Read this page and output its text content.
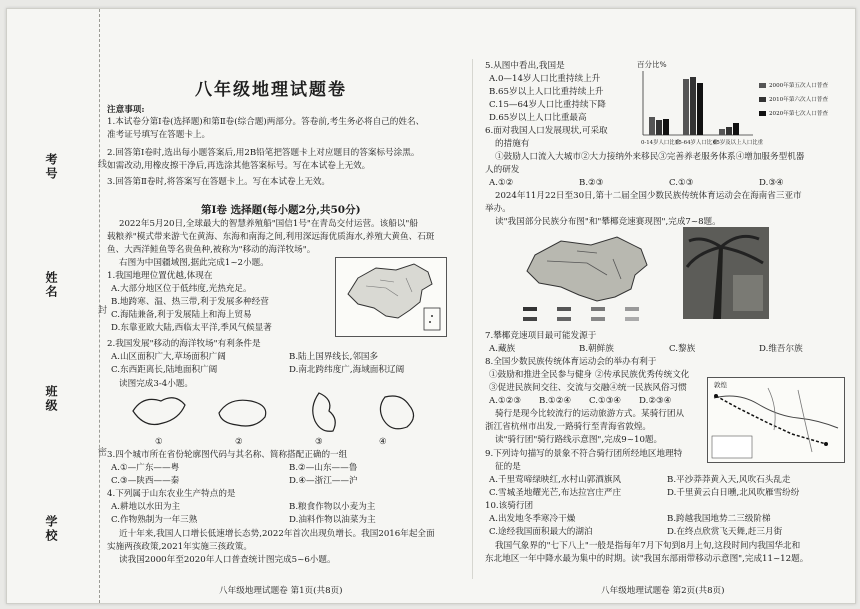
考号
姓名
班级
学校
线
封
密
八年级地理试题卷
注意事项:
1.本试卷分第Ⅰ卷(选择题)和第Ⅱ卷(综合题)两部分。答卷前,考生务必将自己的姓名、
准考证号填写在答题卡上。
2.回答第Ⅰ卷时,选出每小题答案后,用2B铅笔把答题卡上对应题目的答案标号涂黑。
如需改动,用橡皮擦干净后,再选涂其他答案标号。写在本试卷上无效。
3.回答第Ⅱ卷时,将答案写在答题卡上。写在本试卷上无效。
第Ⅰ卷 选择题(每小题2分,共50分)
2022年5月20日,全球最大的智慧养殖船"国信1号"在青岛交付运营。该船以"船
载粮养"模式带来游弋在黄海、东海和南海之间,利用深远海优质海水,养殖大黄鱼、石斑
鱼、大西洋鲑鱼等名贵鱼种,被称为"移动的海洋牧场"。
右图为中国疆域图,据此完成1~2小题。
1.我国地理位置优越,体现在
A.大部分地区位于低纬度,光热充足。
B.地跨寒、温、热三带,利于发展多种经营
C.海陆兼备,利于发展陆上和海上贸易
D.东靠亚欧大陆,西临太平洋,季风气候显著
2.我国发展"移动的海洋牧场"有利条件是
A.山区面积广大,草场面积广阔	B.陆上国界线长,邻国多
C.东西距离长,陆地面积广阔	D.南北跨纬度广,海域面积辽阔
读图完成3-4小题。
①	②	③	④
3.四个城市所在省份轮廓图代码与其名称、简称搭配正确的一组
A.①—广东——粤	B.②—山东——鲁
C.③—陕西——秦	D.④—浙江——沪
4.下列属于山东农业生产特点的是
A.耕地以水田为主	B.粮食作物以小麦为主
C.作物熟制为一年三熟	D.油料作物以油菜为主
近十年来,我国人口增长低速增长态势,2022年首次出现负增长。我国2016年起全面
实施两孩政策,2021年实施三孩政策。
读我国2000年至2020年人口普查统计图完成5~6小题。
八年级地理试题卷 第1页(共8页)
5.从图中看出,我国是
A.0—14岁人口比重持续上升
B.65岁以上人口比重持续上升
C.15—64岁人口比重持续下降
D.65岁以上人口比重最高
6.面对我国人口发展现状,可采取
的措施有
百分比%
2000年第五次人口普查
2010年第六次人口普查
2020年第七次人口普查
0-14岁人口比重
15-64岁人口比重
65岁及以上人口比重
①鼓励人口流入大城市②大力接纳外来移民③完善养老服务体系④增加服务型机器
人的研发
A.①②	B.②③	C.①③	D.③④
2024年11月22日至30日,第十二届全国少数民族传统体育运动会在海南省三亚市
举办。
读"我国部分民族分布图"和"攀椰竞速赛现图",完成7~8题。
7.攀椰竞速项目最可能发源于
A.藏族	B.朝鲜族	C.黎族	D.维吾尔族
8.全国少数民族传统体育运动会的举办有利于
①鼓励和推进全民参与健身 ②传承民族优秀传统文化
③促进民族间交往、交流与交融④统一民族风俗习惯
A.①②③ B.①②④ C.①③④ D.②③④
骑行是现今比较流行的运动旅游方式。某骑行团从
浙江省杭州市出发,一路骑行至青海省敦煌。
读"骑行团"骑行路线示意图",完成9~10题。
敦煌
9.下列诗句描写的景象不符合骑行团所经地区地理特
征的是
A.千里莺啼绿映红,水村山郭酒旗风	B.平沙莽莽黄入天,风吹石头乱走
C.雪城圣地耀光芒,布达拉宫庄严庄	D.千里黄云白日曛,北风吹雁雪纷纷
10.该骑行团
A.出发地冬季寒冷干燥	B.跨越我国地势二三级阶梯
C.途经我国面积最大的湖泊	D.在终点欣赏飞天舞,赶三月街
我国气象界的"七下八上"一般是指每年7月下旬到8月上旬,这段时间内我国华北和
东北地区一年中降水最为集中的时期。读"我国东部雨带移动示意图",完成11~12题。
八年级地理试题卷 第2页(共8页)
